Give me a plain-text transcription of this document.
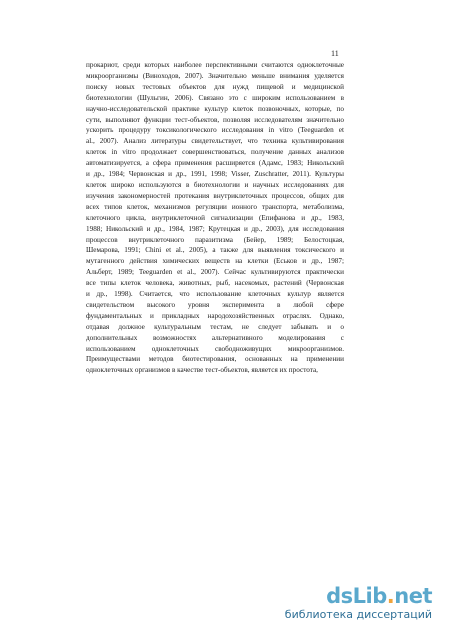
11
прокариот, среди которых наиболее перспективными считаются одноклеточные
микроорганизмы (Виноходов, 2007). Значительно меньше внимания уделяется
поиску новых тестовых объектов для нужд пищевой и медицинской
биотехнологии (Шульгин, 2006). Связано это с широким использованием в
научно-исследовательской практике культур клеток позвоночных, которые, по
сути, выполняют функции тест-объектов, позволяя исследователям значительно
ускорить процедуру токсикологического исследования in vitro (Teeguarden et
al., 2007). Анализ литературы свидетельствует, что техника культивирования
клеток in vitro продолжает совершенствоваться, получение данных анализов
автоматизируется, а сфера применения расширяется (Адамс, 1983; Никольский
и др., 1984; Червонская и др., 1991, 1998; Visser, Zuschratter, 2011). Культуры
клеток широко используются в биотехнологии и научных исследованиях для
изучения закономерностей протекания внутриклеточных процессов, общих для
всех типов клеток, механизмов регуляции ионного транспорта, метаболизма,
клеточного цикла, внутриклеточной сигнализации (Епифанова и др., 1983,
1988; Никольский и др., 1984, 1987; Крутецкая и др., 2003), для исследования
процессов внутриклеточного паразитизма (Бейер, 1989; Белостоцкая,
Шемарова, 1991; Chini et al., 2005), а также для выявления токсического и
мутагенного действия химических веществ на клетки (Еськов и др., 1987;
Альберт, 1989; Teeguarden et al., 2007). Сейчас культивируются практически
все типы клеток человека, животных, рыб, насекомых, растений (Червонская
и др., 1998). Считается, что использование клеточных культур является
свидетельством высокого уровня эксперимента в любой сфере
фундаментальных и прикладных народохозяйственных отраслях. Однако,
отдавая должное культуральным тестам, не следует забывать и о
дополнительных возможностях альтернативного моделирования с
использованием одноклеточных свободноживущих микроорганизмов.
Преимуществами методов биотестирования, основанных на применении
одноклеточных организмов в качестве тест-объектов, является их простота,
dsLib.net
библиотека диссертаций
